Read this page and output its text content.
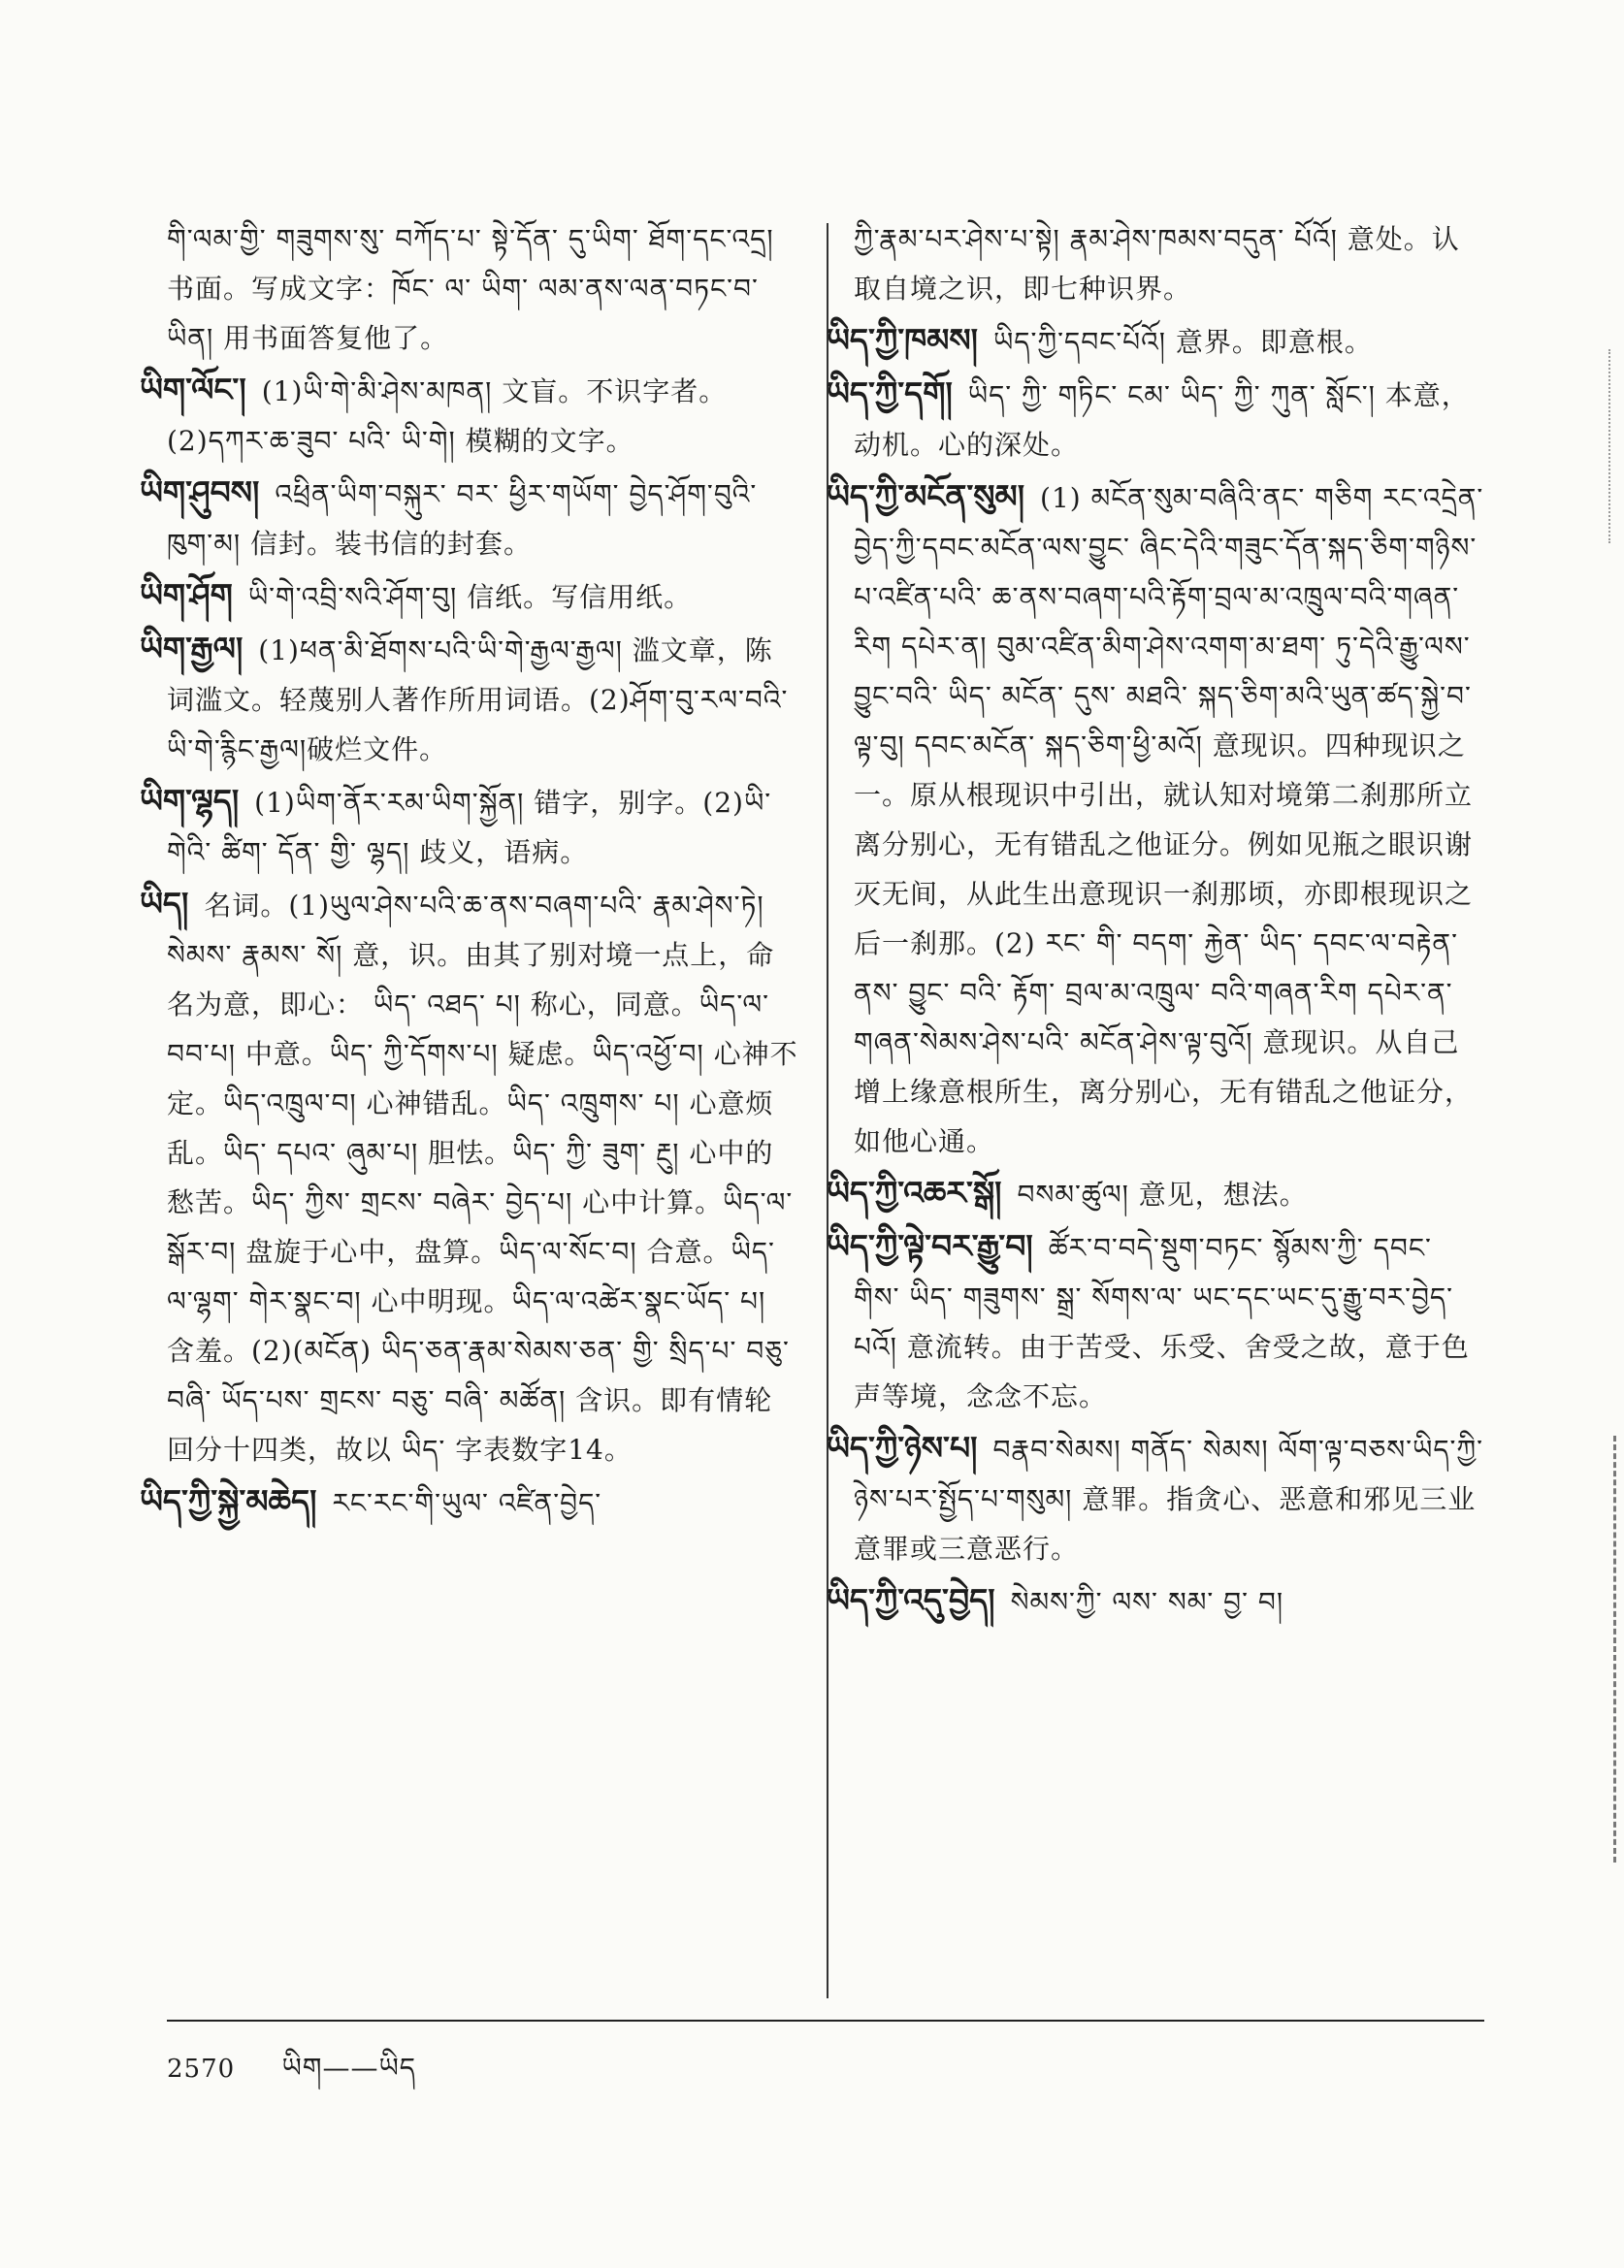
གི་ལམ་གྱི་ གཟུགས་སུ་ བཀོད་པ་ སྟེ་དོན་ དུ་ཡིག་ ཐོག་དང་འདྲ། 书面。写成文字：ཁོང་ ལ་ ཡིག་ ལམ་ནས་ལན་བཏང་བ་ཡིན། 用书面答复他了。
ཡིག་ལོང་། (1)ཡི་གེ་མི་ཤེས་མཁན། 文盲。不识字者。(2)དཀར་ཆ་ཟུབ་ པའི་ ཡི་གེ། 模糊的文字。
ཡིག་ཤུབས། འཕྲིན་ཡིག་བསྐུར་ བར་ ཕྱིར་གཡོག་ བྱེད་ཤོག་བུའི་ཁུག་མ། 信封。装书信的封套。
ཡིག་ཤོག ཡི་གེ་འབྲི་སའི་ཤོག་བུ། 信纸。写信用纸。
ཡིག་རྒྱལ། (1)ཕན་མི་ཐོགས་པའི་ཡི་གེ་རྒྱལ་རྒྱལ། 滥文章，陈词滥文。轻蔑别人著作所用词语。(2)ཤོག་བུ་རལ་བའི་ཡི་གེ་རྙིང་རྒྱལ།破烂文件。
ཡིག་ལྷད། (1)ཡིག་ནོར་རམ་ཡིག་སྐྱོན། 错字，别字。(2)ཡི་ གེའི་ ཚིག་ དོན་ གྱི་ ལྷད། 歧义，语病。
ཡིད། 名词。(1)ཡུལ་ཤེས་པའི་ཆ་ནས་བཞག་པའི་ རྣམ་ཤེས་ཏེ། སེམས་ རྣམས་ སོ། 意，识。由其了别对境一点上，命名为意，即心： ཡིད་ འཐད་ པ། 称心，同意。ཡིད་ལ་བབ་པ། 中意。ཡིད་ ཀྱི་དོགས་པ། 疑虑。ཡིད་འཕྱོ་བ། 心神不定。ཡིད་འཁྲུལ་བ། 心神错乱。ཡིད་ འཁྲུགས་ པ། 心意烦乱。ཡིད་ དཔའ་ ཞུམ་པ། 胆怯。ཡིད་ ཀྱི་ ཟུག་ རྔུ། 心中的愁苦。ཡིད་ ཀྱིས་ གྲངས་ བཞེར་ བྱེད་པ། 心中计算。ཡིད་ལ་སྒོར་བ། 盘旋于心中，盘算。ཡིད་ལ་སོང་བ། 合意。ཡིད་ལ་ལྷག་ གེར་སྣང་བ། 心中明现。ཡིད་ལ་འཚེར་སྣང་ཡོད་ པ། 含羞。(2)(མངོན) ཡིད་ཅན་རྣམ་སེམས་ཅན་ གྱི་ སྲིད་པ་ བཅུ་ བཞི་ ཡོད་པས་ གྲངས་ བཅུ་ བཞི་ མཚོན། 含识。即有情轮回分十四类，故以 ཡིད་ 字表数字14。
ཡིད་ཀྱི་སྐྱེ་མཆེད། རང་རང་གི་ཡུལ་ འཛིན་བྱེད་
ཀྱི་རྣམ་པར་ཤེས་པ་སྟེ། རྣམ་ཤེས་ཁམས་བདུན་ པོའོ། 意处。认取自境之识，即七种识界。
ཡིད་ཀྱི་ཁམས། ཡིད་ཀྱི་དབང་པོའོ། 意界。即意根。
ཡིད་ཀྱི་དགོ། ཡིད་ ཀྱི་ གཏིང་ ངམ་ ཡིད་ ཀྱི་ ཀུན་ སློང་། 本意，动机。心的深处。
ཡིད་ཀྱི་མངོན་སུམ། (1) མངོན་སུམ་བཞིའི་ནང་ གཅིག རང་འདྲེན་བྱེད་ཀྱི་དབང་མངོན་ལས་བྱུང་ ཞིང་དེའི་གཟུང་དོན་སྐད་ཅིག་གཉིས་པ་འཛིན་པའི་ ཆ་ནས་བཞག་པའི་རྟོག་བྲལ་མ་འཁྲུལ་བའི་གཞན་ རིག དཔེར་ན། བུམ་འཛིན་མིག་ཤེས་འགག་མ་ཐག་ ཏུ་དེའི་རྒྱུ་ལས་བྱུང་བའི་ ཡིད་ མངོན་ དུས་ མཐའི་ སྐད་ཅིག་མའི་ཡུན་ཚད་སྐྱེ་བ་ལྟ་བུ། དབང་མངོན་ སྐད་ཅིག་ཕྱི་མའོ། 意现识。四种现识之一。原从根现识中引出，就认知对境第二刹那所立离分别心，无有错乱之他证分。例如见瓶之眼识谢灭无间，从此生出意现识一刹那顷，亦即根现识之后一刹那。(2) རང་ གི་ བདག་ རྐྱེན་ ཡིད་ དབང་ལ་བརྟེན་ནས་ བྱུང་ བའི་ རྟོག་ བྲལ་མ་འཁྲུལ་ བའི་གཞན་རིག དཔེར་ན་གཞན་སེམས་ཤེས་པའི་ མངོན་ཤེས་ལྟ་བུའོ། 意现识。从自己增上缘意根所生，离分别心，无有错乱之他证分，如他心通。
ཡིད་ཀྱི་འཆར་སྒོ། བསམ་ཚུལ། 意见，想法。
ཡིད་ཀྱི་ལྟེ་བར་རྒྱུ་བ། ཚོར་བ་བདེ་སྡུག་བཏང་ སྙོམས་ཀྱི་ དབང་ གིས་ ཡིད་ གཟུགས་ སྒྲ་ སོགས་ལ་ ཡང་དང་ཡང་དུ་རྒྱུ་བར་བྱེད་པའོ། 意流转。由于苦受、乐受、舍受之故，意于色声等境，念念不忘。
ཡིད་ཀྱི་ཉེས་པ། བརྣབ་སེམས། གནོད་ སེམས། ལོག་ལྟ་བཅས་ཡིད་ཀྱི་ཉེས་པར་སྤྱོད་པ་གསུམ། 意罪。指贪心、恶意和邪见三业意罪或三意恶行。
ཡིད་ཀྱི་འདུ་བྱེད། སེམས་ཀྱི་ ལས་ སམ་ བྱ་ བ།
2570 ཡིག——ཡིད
